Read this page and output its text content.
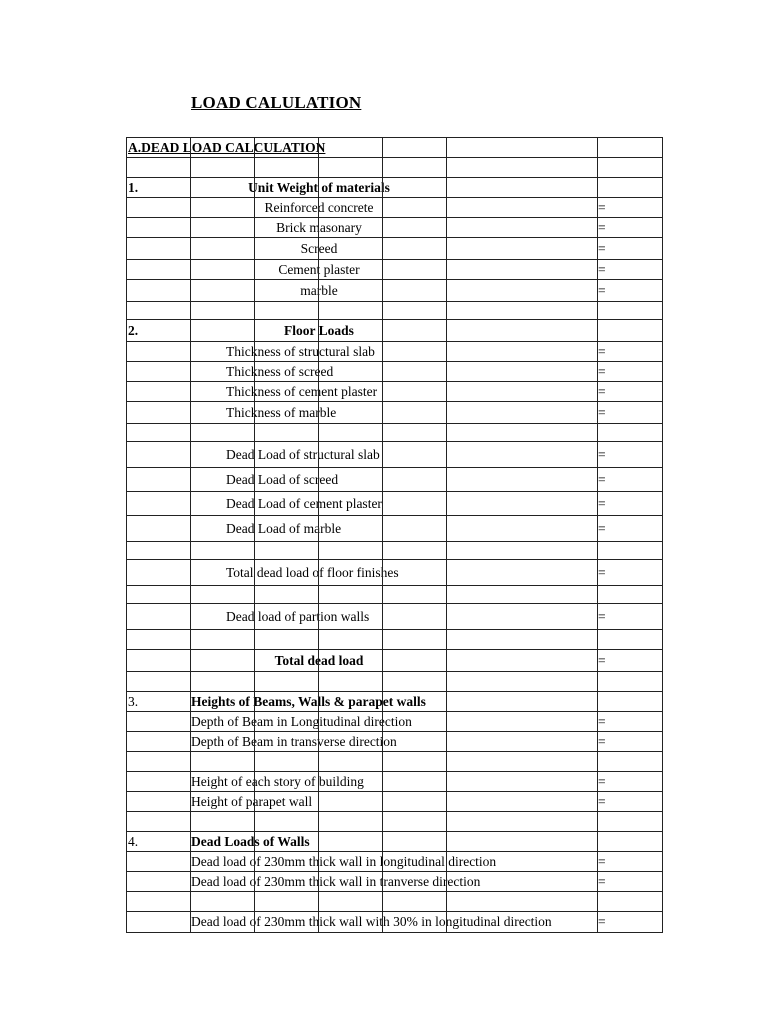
LOAD CALULATION
A.DEAD LOAD CALCULATION
1.	Unit Weight of materials
Reinforced concrete	=
Brick masonary	=
Screed	=
Cement plaster	=
marble	=
2.	Floor Loads
Thickness of structural slab	=
Thickness of screed	=
Thickness of cement plaster	=
Thickness of marble	=
Dead Load of structural slab	=
Dead Load of screed	=
Dead Load of cement plaster	=
Dead Load of marble	=
Total dead load of floor finishes	=
Dead load of partion walls	=
Total dead load	=
3.	Heights of Beams, Walls & parapet walls
Depth of Beam in Longitudinal direction	=
Depth of Beam in transverse direction	=
Height of each story of building	=
Height of parapet wall	=
4.	Dead Loads of Walls
Dead load of 230mm thick wall in longitudinal direction	=
Dead load of 230mm thick wall in tranverse direction	=
Dead load of 230mm thick wall with 30% in longitudinal direction	=
